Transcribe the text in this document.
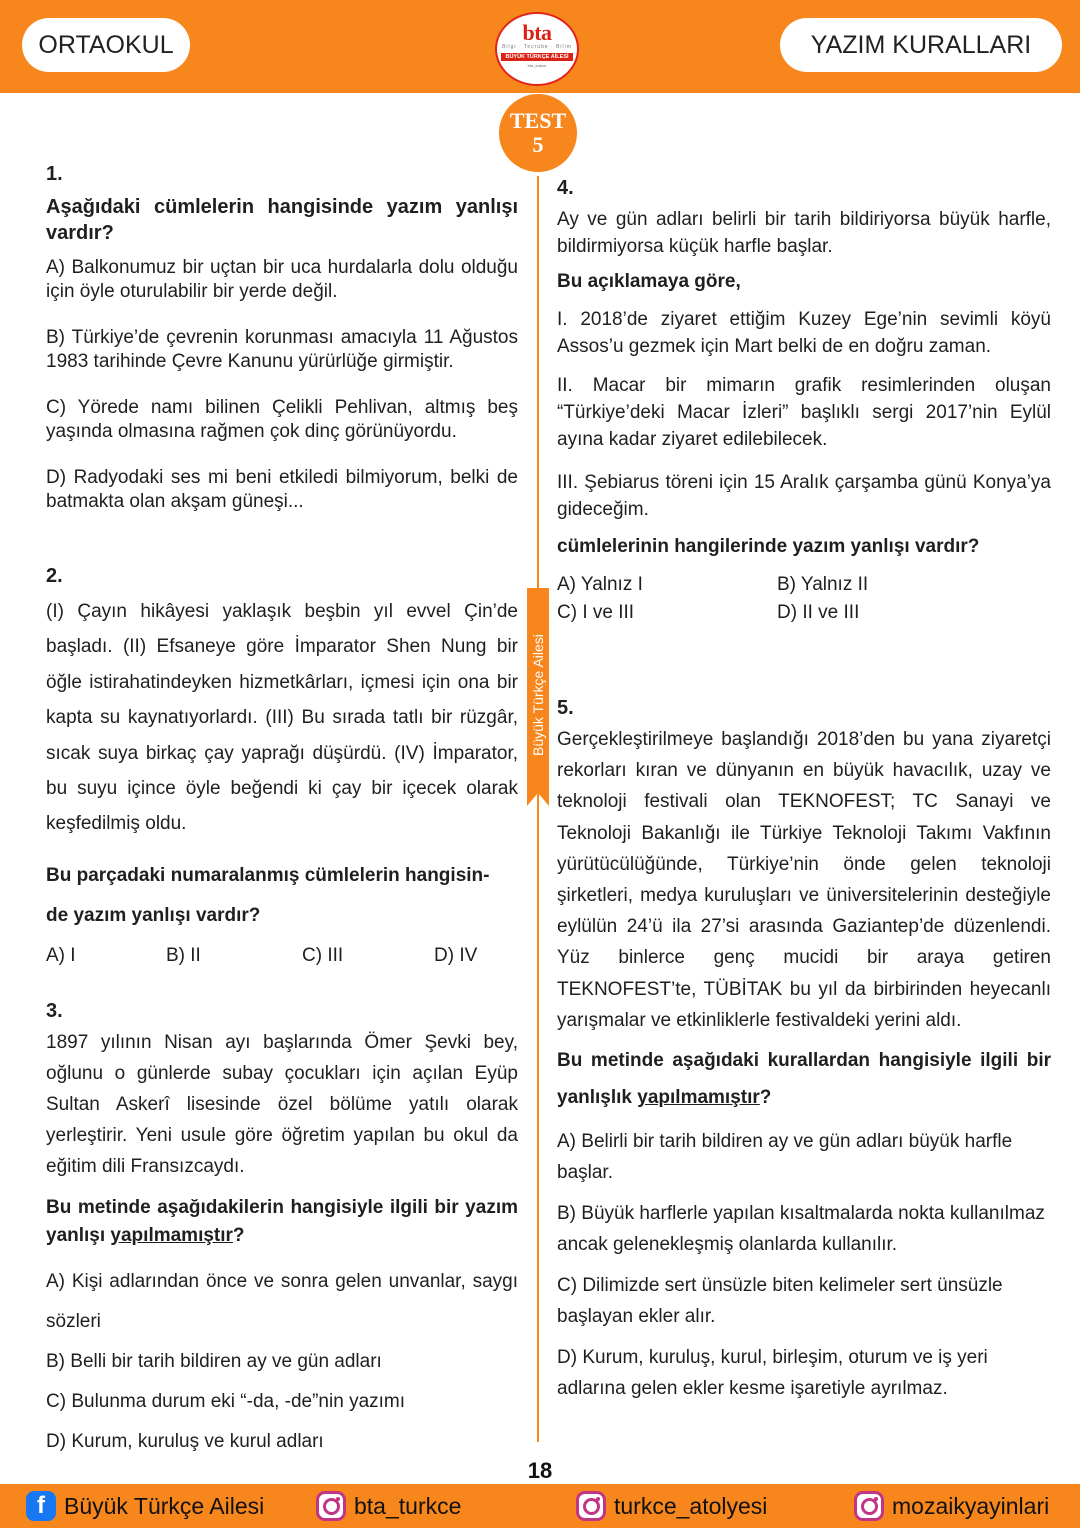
ORTAOKUL	YAZIM KURALLARI
bta
Bilgi · Tecrübe · Bilim
BÜYÜK TÜRKÇE AİLESİ
bta_turkce
TEST
5
Büyük Türkçe Ailesi
1.
Aşağıdaki cümlelerin hangisinde yazım yanlışı vardır?
A) Balkonumuz bir uçtan bir uca hurdalarla dolu olduğu için öyle oturulabilir bir yerde değil.
B) Türkiye’de çevrenin korunması amacıyla 11 Ağustos 1983 tarihinde Çevre Kanunu yürürlüğe girmiştir.
C) Yörede namı bilinen Çelikli Pehlivan, altmış beş yaşında olmasına rağmen çok dinç görünüyordu.
D) Radyodaki ses mi beni etkiledi bilmiyorum, belki de batmakta olan akşam güneşi...
2.
(I) Çayın hikâyesi yaklaşık beşbin yıl evvel Çin’de başladı. (II) Efsaneye göre İmparator Shen Nung bir öğle istirahatindeyken hizmetkârları, içmesi için ona bir kapta su kaynatıyorlardı. (III) Bu sırada tatlı bir rüzgâr, sıcak suya birkaç çay yaprağı düşürdü. (IV) İmparator, bu suyu içince öyle beğendi ki çay bir içecek olarak keşfedilmiş oldu.
Bu parçadaki numaralanmış cümlelerin hangisin-
de yazım yanlışı vardır?
A) I	B) II	C) III	D) IV
3.
1897 yılının Nisan ayı başlarında Ömer Şevki bey, oğlunu o günlerde subay çocukları için açılan Eyüp Sultan Askerî lisesinde özel bölüme yatılı olarak yerleştirir. Yeni usule göre öğretim yapılan bu okul da eğitim dili Fransızcaydı.
Bu metinde aşağıdakilerin hangisiyle ilgili bir yazım yanlışı yapılmamıştır?
A) Kişi adlarından önce ve sonra gelen unvanlar, saygı sözleri
B) Belli bir tarih bildiren ay ve gün adları
C) Bulunma durum eki “-da, -de”nin yazımı
D) Kurum, kuruluş ve kurul adları
4.
Ay ve gün adları belirli bir tarih bildiriyorsa büyük harfle, bildirmiyorsa küçük harfle başlar.
Bu açıklamaya göre,
I. 2018’de ziyaret ettiğim Kuzey Ege’nin sevimli köyü Assos’u gezmek için Mart belki de en doğru zaman.
II. Macar bir mimarın grafik resimlerinden oluşan “Türkiye’deki Macar İzleri” başlıklı sergi 2017’nin Eylül ayına kadar ziyaret edilebilecek.
III. Şebiarus töreni için 15 Aralık çarşamba günü Konya’ya gideceğim.
cümlelerinin hangilerinde yazım yanlışı vardır?
A) Yalnız I	B) Yalnız II
C) I ve III	D) II ve III
5.
Gerçekleştirilmeye başlandığı 2018’den bu yana ziyaretçi rekorları kıran ve dünyanın en büyük havacılık, uzay ve teknoloji festivali olan TEKNOFEST; TC Sanayi ve Teknoloji Bakanlığı ile Türkiye Teknoloji Takımı Vakfının yürütücülüğünde, Türkiye’nin önde gelen teknoloji şirketleri, medya kuruluşları ve üniversitelerinin desteğiyle eylülün 24’ü ila 27’si arasında Gaziantep’de düzenlendi. Yüz binlerce genç mucidi bir araya getiren TEKNOFEST’te, TÜBİTAK bu yıl da birbirinden heyecanlı yarışmalar ve etkinliklerle festivaldeki yerini aldı.
Bu metinde aşağıdaki kurallardan hangisiyle ilgili bir yanlışlık yapılmamıştır?
A) Belirli bir tarih bildiren ay ve gün adları büyük harfle başlar.
B) Büyük harflerle yapılan kısaltmalarda nokta kullanılmaz ancak gelenekleşmiş olanlarda kullanılır.
C) Dilimizde sert ünsüzle biten kelimeler sert ünsüzle başlayan ekler alır.
D) Kurum, kuruluş, kurul, birleşim, oturum ve iş yeri adlarına gelen ekler kesme işaretiyle ayrılmaz.
18
f Büyük Türkçe Ailesi	bta_turkce	turkce_atolyesi	mozaikyayinlari
